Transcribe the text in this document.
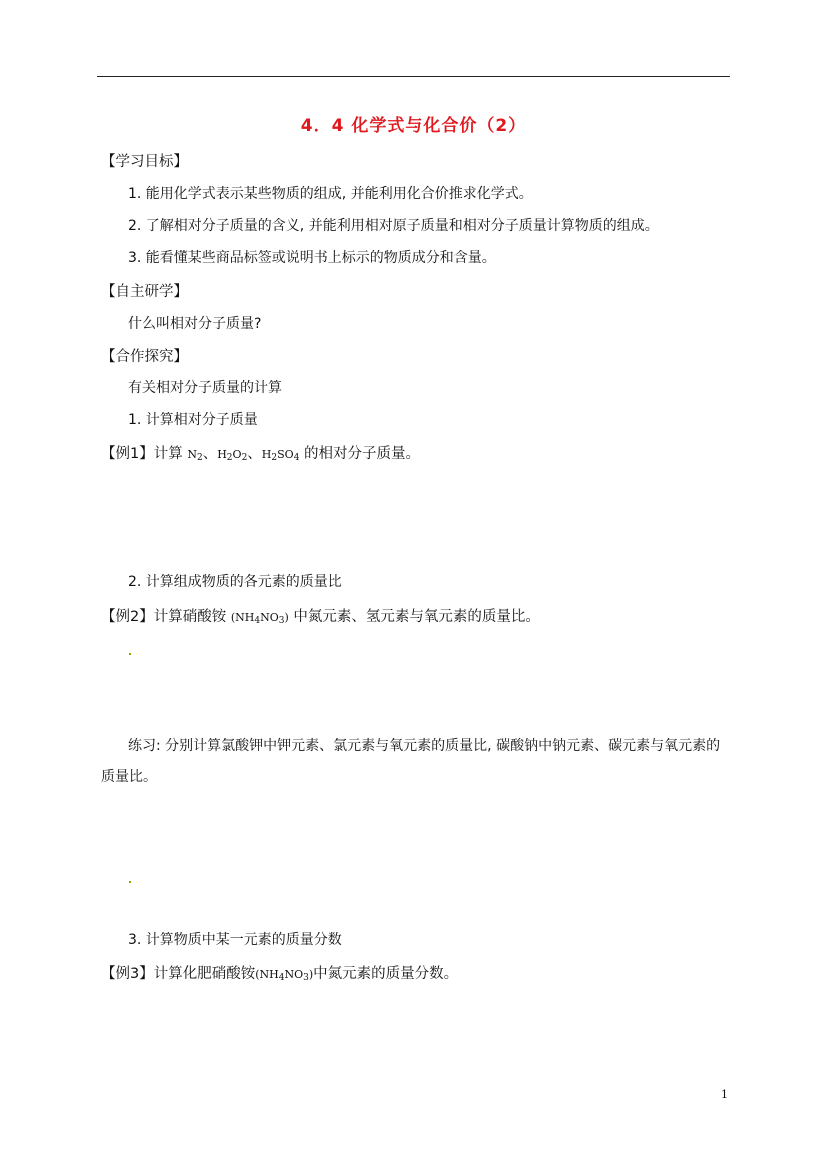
4．4 化学式与化合价（2）
【学习目标】
1. 能用化学式表示某些物质的组成, 并能利用化合价推求化学式。
2. 了解相对分子质量的含义, 并能利用相对原子质量和相对分子质量计算物质的组成。
3. 能看懂某些商品标签或说明书上标示的物质成分和含量。
【自主研学】
什么叫相对分子质量?
【合作探究】
有关相对分子质量的计算
1. 计算相对分子质量
【例1】计算 $N_2$、$H_2O_2$、$H_2SO_4$ 的相对分子质量。
2. 计算组成物质的各元素的质量比
【例2】计算硝酸铵 $(NH_4NO_3)$ 中氮元素、氢元素与氧元素的质量比。
练习: 分别计算氯酸钾中钾元素、氯元素与氧元素的质量比, 碳酸钠中钠元素、碳元素与氧元素的质量比。
3. 计算物质中某一元素的质量分数
【例3】计算化肥硝酸铵$(NH_4NO_3)$中氮元素的质量分数。
1
